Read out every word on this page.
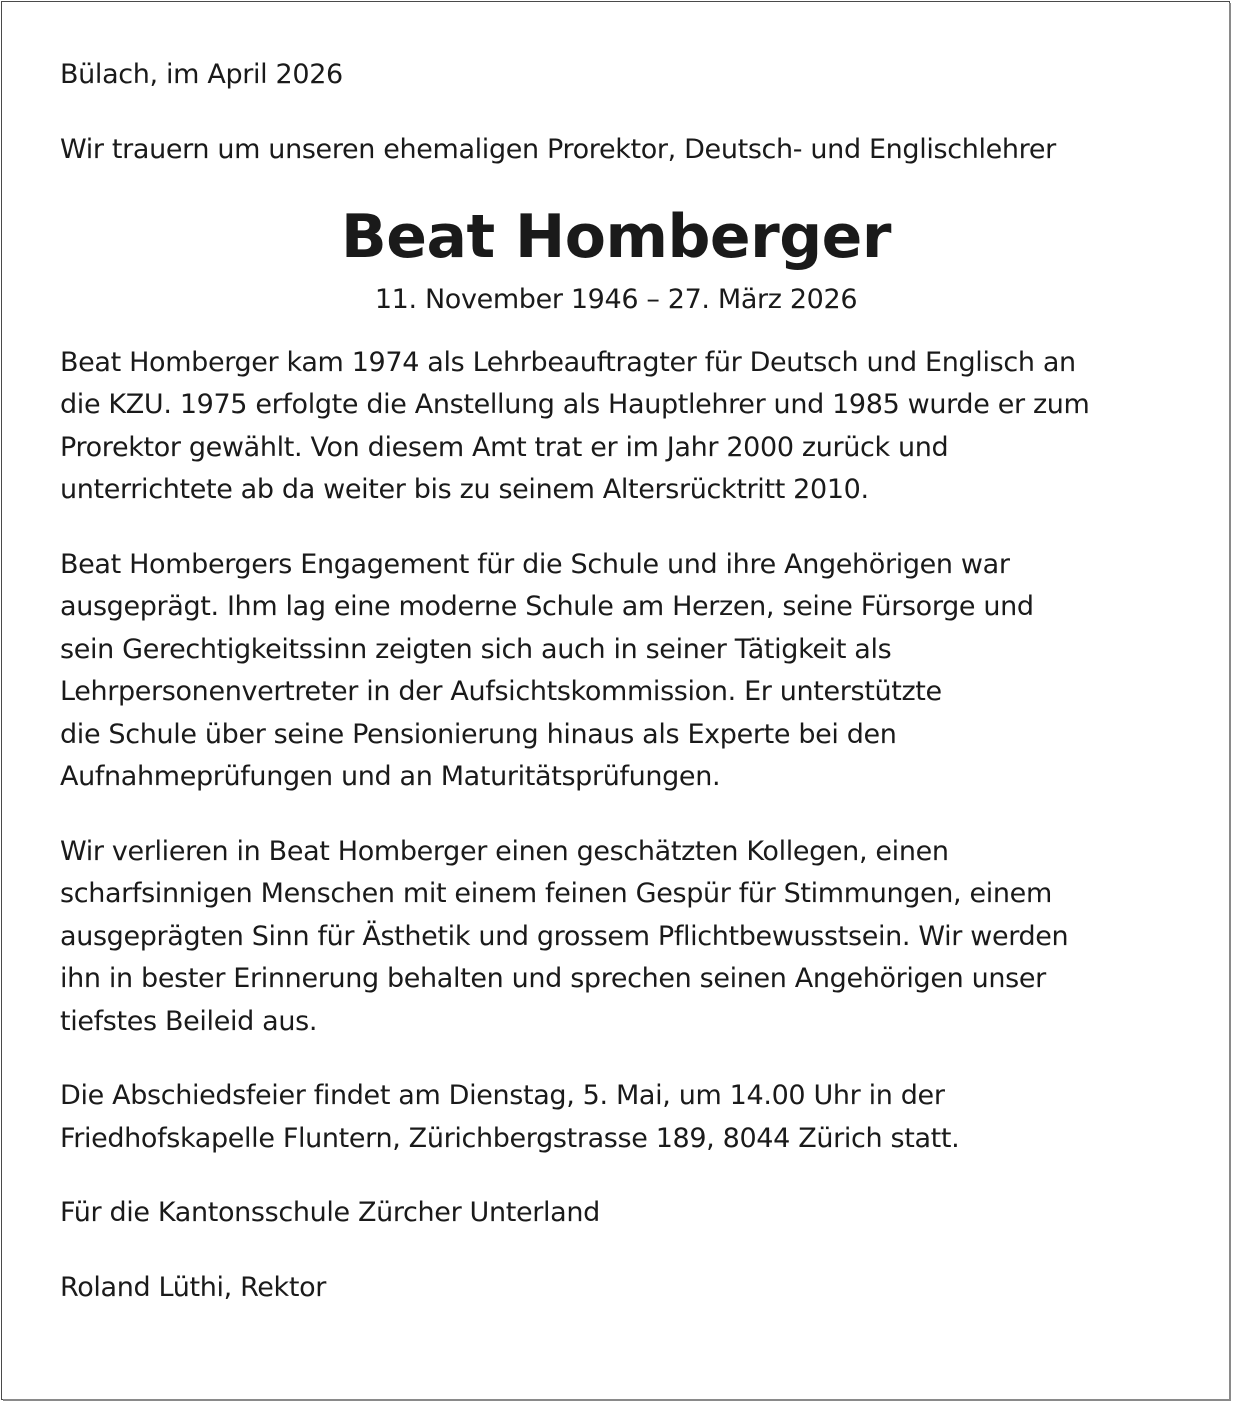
Bülach, im April 2026

Wir trauern um unseren ehemaligen Prorektor, Deutsch- und Englischlehrer

Beat Homberger

11. November 1946 – 27. März 2026

Beat Homberger kam 1974 als Lehrbeauftragter für Deutsch und Englisch an
die KZU. 1975 erfolgte die Anstellung als Hauptlehrer und 1985 wurde er zum
Prorektor gewählt. Von diesem Amt trat er im Jahr 2000 zurück und
unterrichtete ab da weiter bis zu seinem Altersrücktritt 2010.

Beat Hombergers Engagement für die Schule und ihre Angehörigen war
ausgeprägt. Ihm lag eine moderne Schule am Herzen, seine Fürsorge und
sein Gerechtigkeitssinn zeigten sich auch in seiner Tätigkeit als
Lehrpersonenvertreter in der Aufsichtskommission. Er unterstützte
die Schule über seine Pensionierung hinaus als Experte bei den
Aufnahmeprüfungen und an Maturitätsprüfungen.

Wir verlieren in Beat Homberger einen geschätzten Kollegen, einen
scharfsinnigen Menschen mit einem feinen Gespür für Stimmungen, einem
ausgeprägten Sinn für Ästhetik und grossem Pflichtbewusstsein. Wir werden
ihn in bester Erinnerung behalten und sprechen seinen Angehörigen unser
tiefstes Beileid aus.

Die Abschiedsfeier findet am Dienstag, 5. Mai, um 14.00 Uhr in der
Friedhofskapelle Fluntern, Zürichbergstrasse 189, 8044 Zürich statt.

Für die Kantonsschule Zürcher Unterland

Roland Lüthi, Rektor
